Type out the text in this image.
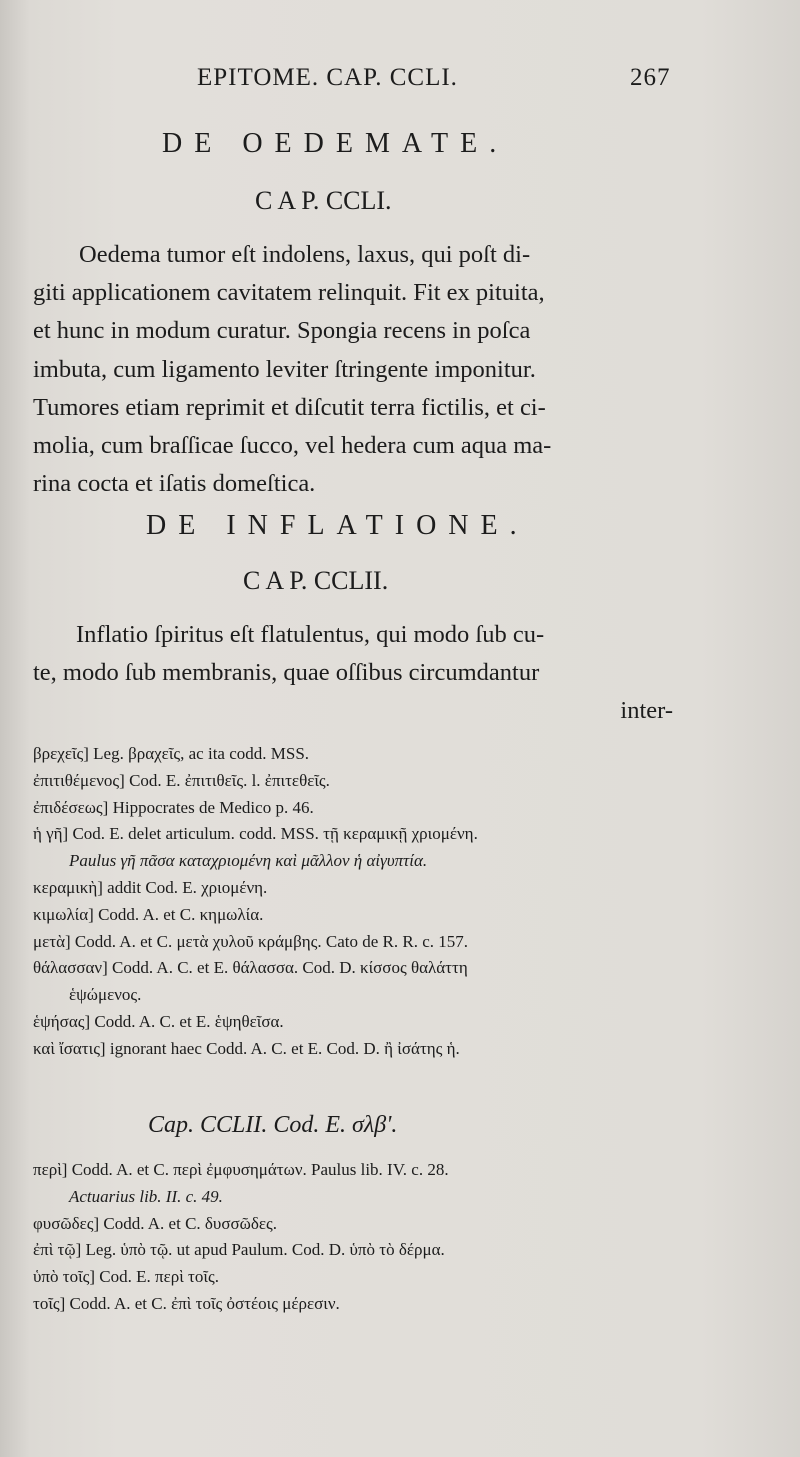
EPITOME. CAP. CCLI.	267
DE OEDEMATE.
C A P. CCLI.
Oedema tumor eſt indolens, laxus, qui poſt di-
giti applicationem cavitatem relinquit. Fit ex pituita,
et hunc in modum curatur. Spongia recens in poſca
imbuta, cum ligamento leviter ſtringente imponitur.
Tumores etiam reprimit et diſcutit terra fictilis, et ci-
molia, cum braſſicae ſucco, vel hedera cum aqua ma-
rina cocta et iſatis domeſtica.
DE INFLATIONE.
C A P. CCLII.
Inflatio ſpiritus eſt flatulentus, qui modo ſub cu-
te, modo ſub membranis, quae oſſibus circumdantur
inter-
βρεχεῖς] Leg. βραχεῖς, ac ita codd. MSS.
ἐπιτιθέμενος] Cod. E. ἐπιτιθεῖς. l. ἐπιτεθεῖς.
ἐπιδέσεως] Hippocrates de Medico p. 46.
ἡ γῆ] Cod. E. delet articulum. codd. MSS. τῇ κεραμικῇ χριομένη.
Paulus γῆ πᾶσα καταχριομένη καὶ μᾶλλον ἡ αἰγυπτία.
κεραμικὴ] addit Cod. E. χριομένη.
κιμωλία] Codd. A. et C. κημωλία.
μετὰ] Codd. A. et C. μετὰ χυλοῦ κράμβης. Cato de R. R. c. 157.
θάλασσαν] Codd. A. C. et E. θάλασσα. Cod. D. κίσσος θαλάττη
ἑψώμενος.
ἑψήσας] Codd. A. C. et E. ἑψηθεῖσα.
καὶ ἴσατις] ignorant haec Codd. A. C. et E. Cod. D. ἢ ἰσάτης ἡ.
Cap. CCLII. Cod. E. σλβ'.
περὶ] Codd. A. et C. περὶ ἐμφυσημάτων. Paulus lib. IV. c. 28.
Actuarius lib. II. c. 49.
φυσῶδες] Codd. A. et C. δυσσῶδες.
ἐπὶ τῷ] Leg. ὑπὸ τῷ. ut apud Paulum. Cod. D. ὑπὸ τὸ δέρμα.
ὑπὸ τοῖς] Cod. E. περὶ τοῖς.
τοῖς] Codd. A. et C. ἐπὶ τοῖς ὀστέοις μέρεσιν.
